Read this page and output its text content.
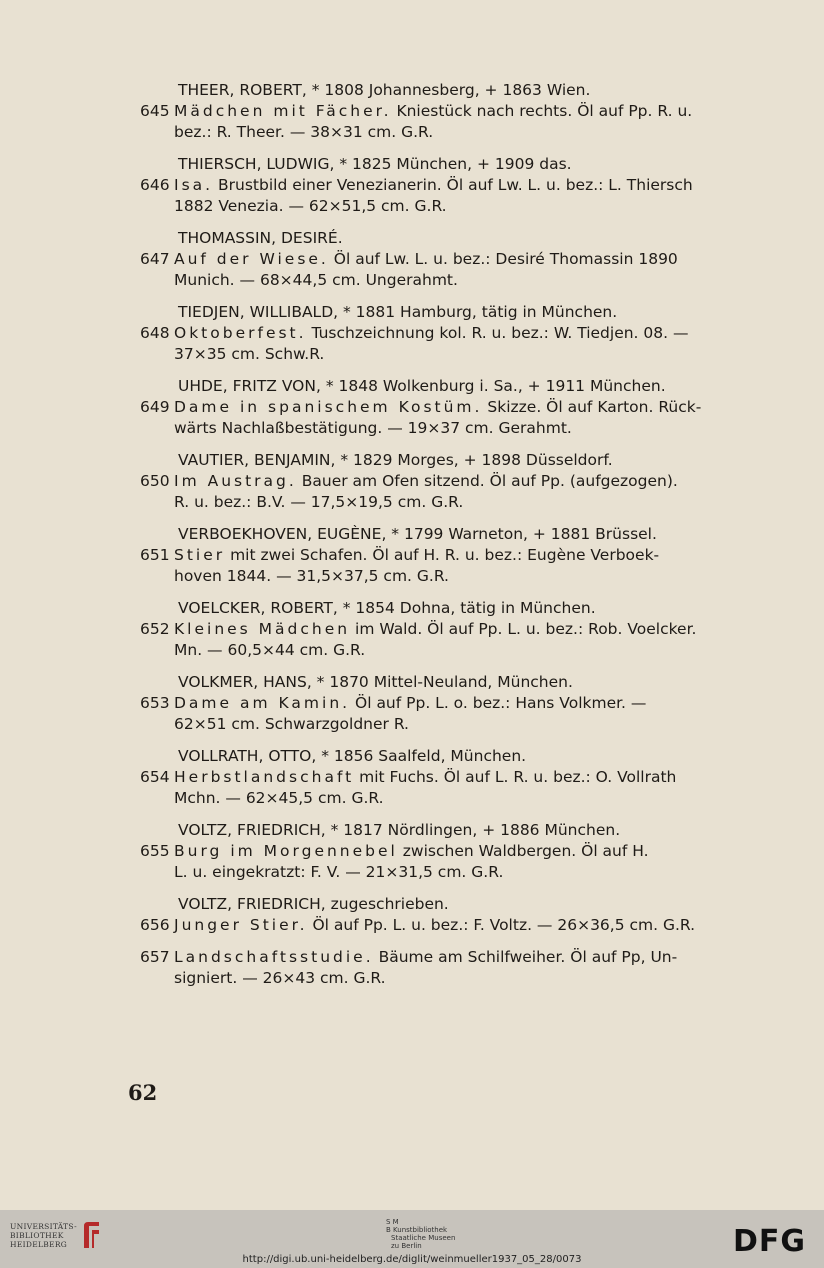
THEER, ROBERT, * 1808 Johannesberg, + 1863 Wien.
645 Mädchen mit Fächer. Kniestück nach rechts. Öl auf Pp. R. u.
bez.: R. Theer. — 38×31 cm. G.R.
THIERSCH, LUDWIG, * 1825 München, + 1909 das.
646 Isa. Brustbild einer Venezianerin. Öl auf Lw. L. u. bez.: L. Thiersch
1882 Venezia. — 62×51,5 cm. G.R.
THOMASSIN, DESIRÉ.
647 Auf der Wiese. Öl auf Lw. L. u. bez.: Desiré Thomassin 1890
Munich. — 68×44,5 cm. Ungerahmt.
TIEDJEN, WILLIBALD, * 1881 Hamburg, tätig in München.
648 Oktoberfest. Tuschzeichnung kol. R. u. bez.: W. Tiedjen. 08. —
37×35 cm. Schw.R.
UHDE, FRITZ VON, * 1848 Wolkenburg i. Sa., + 1911 München.
649 Dame in spanischem Kostüm. Skizze. Öl auf Karton. Rück-
wärts Nachlaßbestätigung. — 19×37 cm. Gerahmt.
VAUTIER, BENJAMIN, * 1829 Morges, + 1898 Düsseldorf.
650 Im Austrag. Bauer am Ofen sitzend. Öl auf Pp. (aufgezogen).
R. u. bez.: B.V. — 17,5×19,5 cm. G.R.
VERBOEKHOVEN, EUGÈNE, * 1799 Warneton, + 1881 Brüssel.
651 Stier mit zwei Schafen. Öl auf H. R. u. bez.: Eugène Verboek-
hoven 1844. — 31,5×37,5 cm. G.R.
VOELCKER, ROBERT, * 1854 Dohna, tätig in München.
652 Kleines Mädchen im Wald. Öl auf Pp. L. u. bez.: Rob. Voelcker.
Mn. — 60,5×44 cm. G.R.
VOLKMER, HANS, * 1870 Mittel-Neuland, München.
653 Dame am Kamin. Öl auf Pp. L. o. bez.: Hans Volkmer. —
62×51 cm. Schwarzgoldner R.
VOLLRATH, OTTO, * 1856 Saalfeld, München.
654 Herbstlandschaft mit Fuchs. Öl auf L. R. u. bez.: O. Vollrath
Mchn. — 62×45,5 cm. G.R.
VOLTZ, FRIEDRICH, * 1817 Nördlingen, + 1886 München.
655 Burg im Morgennebel zwischen Waldbergen. Öl auf H.
L. u. eingekratzt: F. V. — 21×31,5 cm. G.R.
VOLTZ, FRIEDRICH, zugeschrieben.
656 Junger Stier. Öl auf Pp. L. u. bez.: F. Voltz. — 26×36,5 cm. G.R.
657 Landschaftsstudie. Bäume am Schilfweiher. Öl auf Pp, Un-
signiert. — 26×43 cm. G.R.
62
UNIVERSITÄTS-
BIBLIOTHEK
HEIDELBERG
S M
B Kunstbibliothek
Staatliche Museen
zu Berlin	DFG
http://digi.ub.uni-heidelberg.de/diglit/weinmueller1937_05_28/0073
